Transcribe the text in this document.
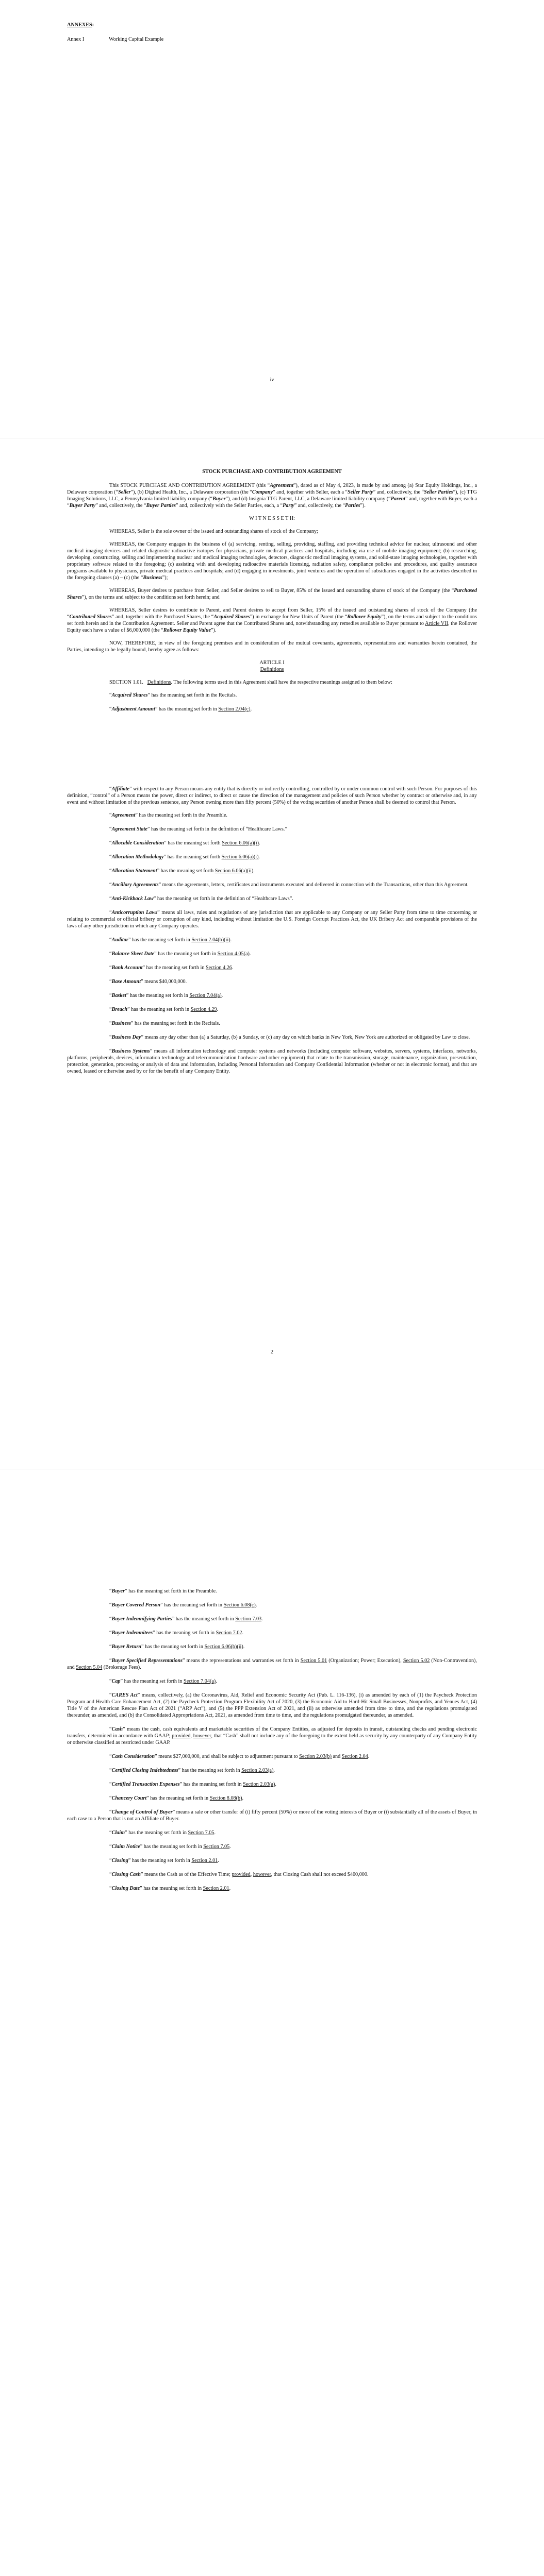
ANNEXES:
Annex I	Working Capital Example
iv
STOCK PURCHASE AND CONTRIBUTION AGREEMENT

This STOCK PURCHASE AND CONTRIBUTION AGREEMENT (this “Agreement”), dated as of May 4, 2023, is made by and among (a) Star Equity Holdings, Inc., a Delaware corporation (“Seller”), (b) Digirad Health, Inc., a Delaware corporation (the “Company” and, together with Seller, each a “Seller Party” and, collectively, the “Seller Parties”), (c) TTG Imaging Solutions, LLC, a Pennsylvania limited liability company (“Buyer”), and (d) Insignia TTG Parent, LLC, a Delaware limited liability company (“Parent” and, together with Buyer, each a “Buyer Party” and, collectively, the “Buyer Parties” and, collectively with the Seller Parties, each, a “Party” and, collectively, the “Parties”).

W I T N E S S E T H:

WHEREAS, Seller is the sole owner of the issued and outstanding shares of stock of the Company;

WHEREAS, the Company engages in the business of (a) servicing, renting, selling, providing, staffing, and providing technical advice for nuclear, ultrasound and other medical imaging devices and related diagnostic radioactive isotopes for physicians, private medical practices and hospitals, including via use of mobile imaging equipment; (b) researching, developing, constructing, selling and implementing nuclear and medical imaging technologies, detectors, diagnostic medical imaging systems, and solid-state imaging technologies, together with proprietary software related to the foregoing; (c) assisting with and developing radioactive materials licensing, radiation safety, compliance policies and procedures, and quality assurance programs available to physicians, private medical practices and hospitals; and (d) engaging in investments, joint ventures and the operation of subsidiaries engaged in the activities described in the foregoing clauses (a) – (c) (the “Business”);

WHEREAS, Buyer desires to purchase from Seller, and Seller desires to sell to Buyer, 85% of the issued and outstanding shares of stock of the Company (the “Purchased Shares”), on the terms and subject to the conditions set forth herein; and

WHEREAS, Seller desires to contribute to Parent, and Parent desires to accept from Seller, 15% of the issued and outstanding shares of stock of the Company (the “Contributed Shares” and, together with the Purchased Shares, the “Acquired Shares”) in exchange for New Units of Parent (the “Rollover Equity”), on the terms and subject to the conditions set forth herein and in the Contribution Agreement. Seller and Parent agree that the Contributed Shares and, notwithstanding any remedies available to Buyer pursuant to Article VII, the Rollover Equity each have a value of $6,000,000 (the “Rollover Equity Value”).

NOW, THEREFORE, in view of the foregoing premises and in consideration of the mutual covenants, agreements, representations and warranties herein contained, the Parties, intending to be legally bound, hereby agree as follows:

ARTICLE I
Definitions

SECTION 1.01. Definitions. The following terms used in this Agreement shall have the respective meanings assigned to them below:

“Acquired Shares” has the meaning set forth in the Recitals.

“Adjustment Amount” has the meaning set forth in Section 2.04(c).

“Affiliate” with respect to any Person means any entity that is directly or indirectly controlling, controlled by or under common control with such Person. For purposes of this definition, “control” of a Person means the power, direct or indirect, to direct or cause the direction of the management and policies of such Person whether by contract or otherwise and, in any event and without limitation of the previous sentence, any Person owning more than fifty percent (50%) of the voting securities of another Person shall be deemed to control that Person.

“Agreement” has the meaning set forth in the Preamble.

“Agreement State” has the meaning set forth in the definition of “Healthcare Laws.”

“Allocable Consideration” has the meaning set forth Section 6.06(a)(i).

“Allocation Methodology” has the meaning set forth Section 6.06(a)(i).

“Allocation Statement” has the meaning set forth Section 6.06(a)(ii).

“Ancillary Agreements” means the agreements, letters, certificates and instruments executed and delivered in connection with the Transactions, other than this Agreement.

“Anti-Kickback Law” has the meaning set forth in the definition of “Healthcare Laws”.

“Anticorruption Laws” means all laws, rules and regulations of any jurisdiction that are applicable to any Company or any Seller Party from time to time concerning or relating to commercial or official bribery or corruption of any kind, including without limitation the U.S. Foreign Corrupt Practices Act, the UK Bribery Act and comparable provisions of the laws of any other jurisdiction in which any Company operates.

“Auditor” has the meaning set forth in Section 2.04(b)(ii).

“Balance Sheet Date” has the meaning set forth in Section 4.05(a).

“Bank Account” has the meaning set forth in Section 4.26.

“Base Amount” means $40,000,000.

“Basket” has the meaning set forth in Section 7.04(a).

“Breach” has the meaning set forth in Section 4.29.

“Business” has the meaning set forth in the Recitals.

“Business Day” means any day other than (a) a Saturday, (b) a Sunday, or (c) any day on which banks in New York, New York are authorized or obligated by Law to close.

“Business Systems” means all information technology and computer systems and networks (including computer software, websites, servers, systems, interfaces, networks, platforms, peripherals, devices, information technology and telecommunication hardware and other equipment) that relate to the transmission, storage, maintenance, organization, presentation, protection, generation, processing or analysis of data and information, including Personal Information and Company Confidential Information (whether or not in electronic format), and that are owned, leased or otherwise used by or for the benefit of any Company Entity.

2

“Buyer” has the meaning set forth in the Preamble.

“Buyer Covered Person” has the meaning set forth in Section 6.08(c).

“Buyer Indemnifying Parties” has the meaning set forth in Section 7.03.

“Buyer Indemnitees” has the meaning set forth in Section 7.02.

“Buyer Return” has the meaning set forth in Section 6.06(b)(ii).

“Buyer Specified Representations” means the representations and warranties set forth in Section 5.01 (Organization; Power; Execution), Section 5.02 (Non-Contravention), and Section 5.04 (Brokerage Fees).

“Cap” has the meaning set forth in Section 7.04(a).

“CARES Act” means, collectively, (a) the Coronavirus, Aid, Relief and Economic Security Act (Pub. L. 116-136), (i) as amended by each of (1) the Paycheck Protection Program and Health Care Enhancement Act, (2) the Paycheck Protection Program Flexibility Act of 2020, (3) the Economic Aid to Hard-Hit Small Businesses, Nonprofits, and Venues Act, (4) Title V of the American Rescue Plan Act of 2021 (“ARP Act”), and (5) the PPP Extension Act of 2021, and (ii) as otherwise amended from time to time, and the regulations promulgated thereunder, as amended, and (b) the Consolidated Appropriations Act, 2021, as amended from time to time, and the regulations promulgated thereunder, as amended.

“Cash” means the cash, cash equivalents and marketable securities of the Company Entities, as adjusted for deposits in transit, outstanding checks and pending electronic transfers, determined in accordance with GAAP; provided, however, that “Cash” shall not include any of the foregoing to the extent held as security by any counterparty of any Company Entity or otherwise classified as restricted under GAAP.

“Cash Consideration” means $27,000,000, and shall be subject to adjustment pursuant to Section 2.03(b) and Section 2.04.

“Certified Closing Indebtedness” has the meaning set forth in Section 2.03(a).

“Certified Transaction Expenses” has the meaning set forth in Section 2.03(a).

“Chancery Court” has the meaning set forth in Section 8.08(b).

“Change of Control of Buyer” means a sale or other transfer of (i) fifty percent (50%) or more of the voting interests of Buyer or (i) substantially all of the assets of Buyer, in each case to a Person that is not an Affiliate of Buyer.

“Claim” has the meaning set forth in Section 7.05.

“Claim Notice” has the meaning set forth in Section 7.05.

“Closing” has the meaning set forth in Section 2.01.

“Closing Cash” means the Cash as of the Effective Time; provided, however, that Closing Cash shall not exceed $400,000.

“Closing Date” has the meaning set forth in Section 2.01.
